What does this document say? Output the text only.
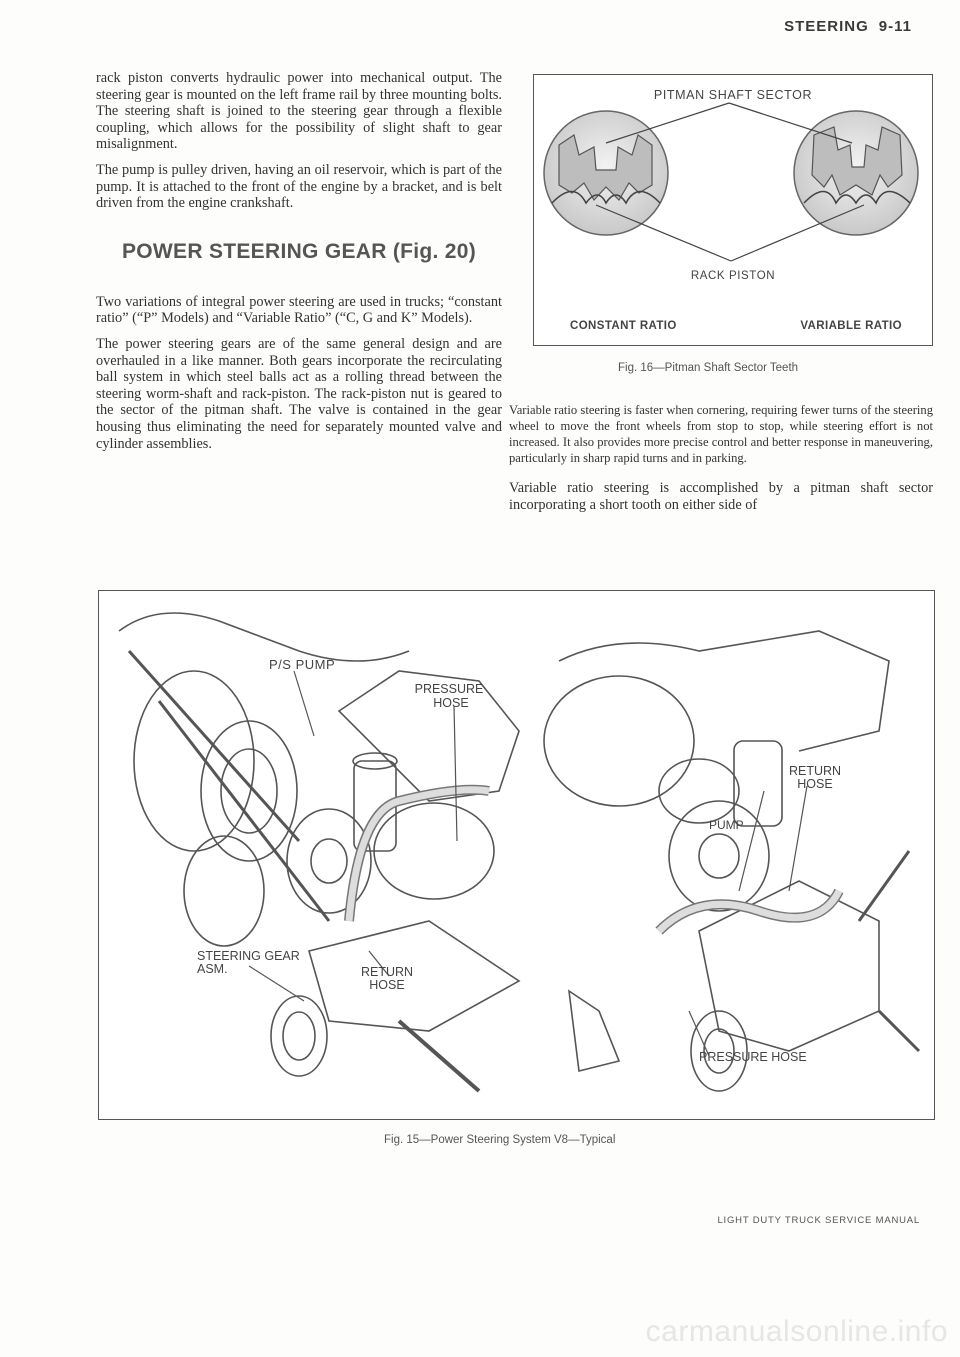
STEERING 9-11

rack piston converts hydraulic power into mechanical output. The steering gear is mounted on the left frame rail by three mounting bolts. The steering shaft is joined to the steering gear through a flexible coupling, which allows for the possibility of slight shaft to gear misalignment.

The pump is pulley driven, having an oil reservoir, which is part of the pump. It is attached to the front of the engine by a bracket, and is belt driven from the engine crankshaft.

POWER STEERING GEAR (Fig. 20)

Two variations of integral power steering are used in trucks; “constant ratio” (“P” Models) and “Variable Ratio” (“C, G and K” Models).

The power steering gears are of the same general design and are overhauled in a like manner. Both gears incorporate the recirculating ball system in which steel balls act as a rolling thread between the steering worm-shaft and rack-piston. The rack-piston nut is geared to the sector of the pitman shaft. The valve is contained in the gear housing thus eliminating the need for separately mounted valve and cylinder assemblies.

PITMAN SHAFT SECTOR
RACK PISTON
CONSTANT RATIO	VARIABLE RATIO
Fig. 16—Pitman Shaft Sector Teeth

Variable ratio steering is faster when cornering, requiring fewer turns of the steering wheel to move the front wheels from stop to stop, while steering effort is not increased. It also provides more precise control and better response in maneuvering, particularly in sharp rapid turns and in parking.

Variable ratio steering is accomplished by a pitman shaft sector incorporating a short tooth on either side of

P/S PUMP
PRESSURE
HOSE
STEERING GEAR
ASM.	RETURN
HOSE
PUMP
RETURN
HOSE
PRESSURE HOSE
Fig. 15—Power Steering System V8—Typical
LIGHT DUTY TRUCK SERVICE MANUAL
carmanualsonline.info
